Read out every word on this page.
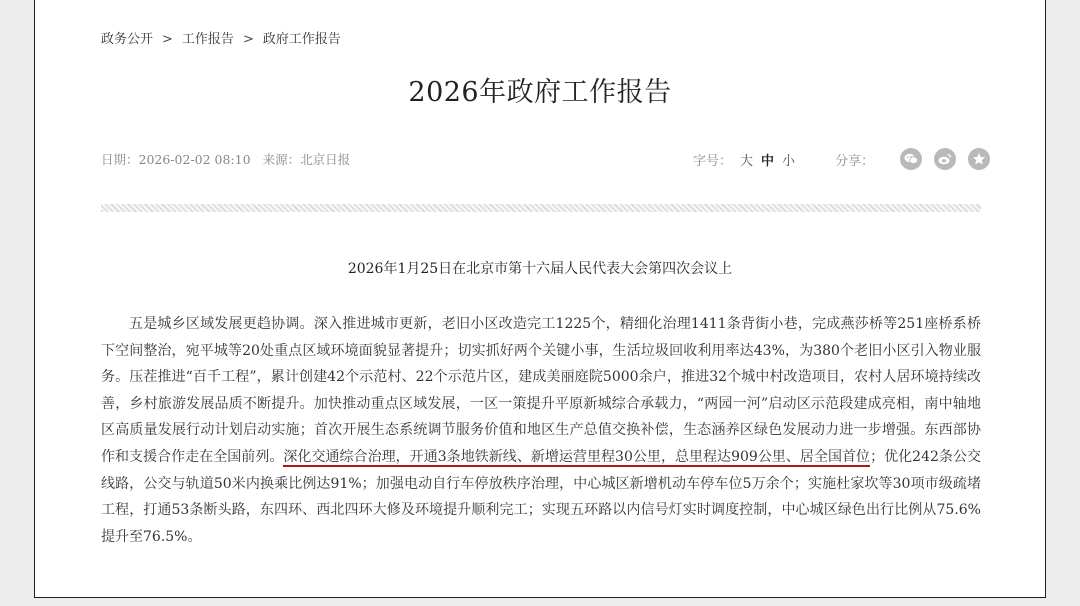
政务公开 > 工作报告 > 政府工作报告
2026年政府工作报告
日期：2026-02-02 08:10 来源：北京日报	字号： 大 中 小	分享：
2026年1月25日在北京市第十六届人民代表大会第四次会议上
五是城乡区域发展更趋协调。深入推进城市更新，老旧小区改造完工1225个，精细化治理1411条背街小巷，完成燕莎桥等251座桥系桥下空间整治，宛平城等20处重点区域环境面貌显著提升；切实抓好两个关键小事，生活垃圾回收利用率达43%，为380个老旧小区引入物业服务。压茬推进“百千工程”，累计创建42个示范村、22个示范片区，建成美丽庭院5000余户，推进32个城中村改造项目，农村人居环境持续改善，乡村旅游发展品质不断提升。加快推动重点区域发展，一区一策提升平原新城综合承载力，“两园一河”启动区示范段建成亮相，南中轴地区高质量发展行动计划启动实施；首次开展生态系统调节服务价值和地区生产总值交换补偿，生态涵养区绿色发展动力进一步增强。东西部协作和支援合作走在全国前列。深化交通综合治理，开通3条地铁新线、新增运营里程30公里，总里程达909公里、居全国首位；优化242条公交线路，公交与轨道50米内换乘比例达91%；加强电动自行车停放秩序治理，中心城区新增机动车停车位5万余个；实施杜家坎等30项市级疏堵工程，打通53条断头路，东四环、西北四环大修及环境提升顺利完工；实现五环路以内信号灯实时调度控制，中心城区绿色出行比例从75.6%提升至76.5%。
